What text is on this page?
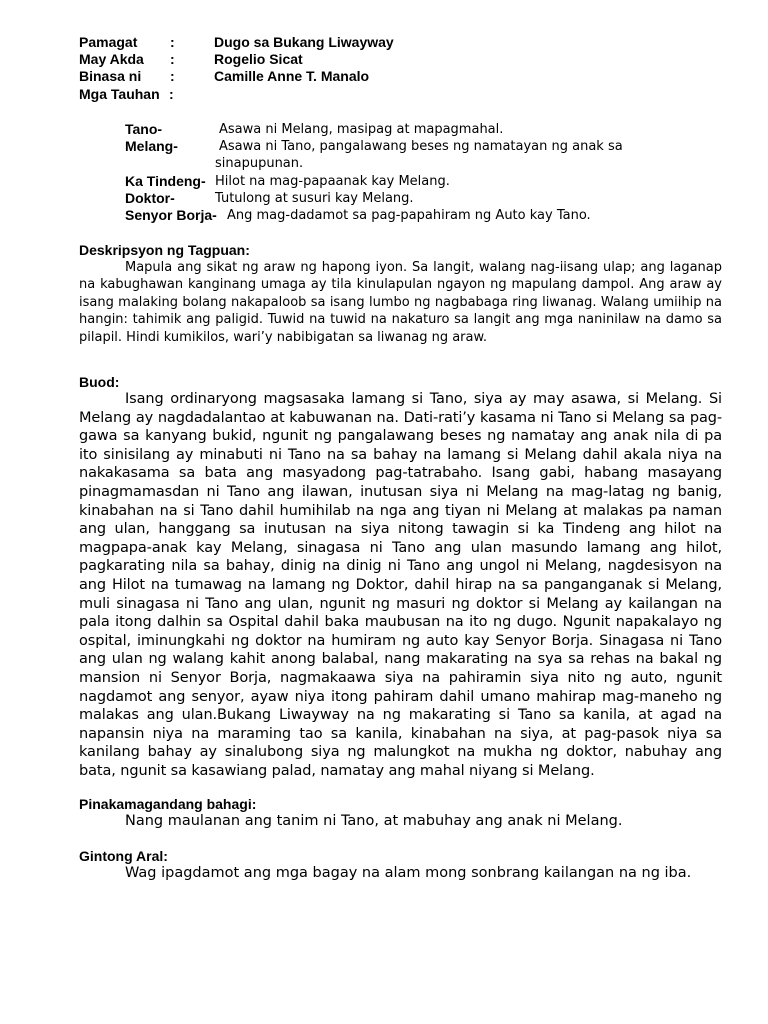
Pamagat :	Dugo sa Bukang Liwayway
May Akda :	Rogelio Sicat
Binasa ni :	Camille Anne T. Manalo
Mga Tauhan :
Tano-	Asawa ni Melang, masipag at mapagmahal.
Melang-	Asawa ni Tano, pangalawang beses ng namatayan ng anak sa
sinapupunan.
Ka Tindeng- Hilot na mag-papaanak kay Melang.
Doktor-	Tutulong at susuri kay Melang.
Senyor Borja- Ang mag-dadamot sa pag-papahiram ng Auto kay Tano.
Deskripsyon ng Tagpuan:

Mapula ang sikat ng araw ng hapong iyon. Sa langit, walang nag-iisang ulap; ang laganap na kabughawan kanginang umaga ay tila kinulapulan ngayon ng mapulang dampol. Ang araw ay isang malaking bolang nakapaloob sa isang lumbo ng nagbabaga ring liwanag. Walang umiihip na hangin: tahimik ang paligid. Tuwid na tuwid na nakaturo sa langit ang mga naninilaw na damo sa pilapil. Hindi kumikilos, wari’y nabibigatan sa liwanag ng araw.

Buod:

Isang ordinaryong magsasaka lamang si Tano, siya ay may asawa, si Melang. Si Melang ay nagdadalantao at kabuwanan na. Dati-rati’y kasama ni Tano si Melang sa pag-gawa sa kanyang bukid, ngunit ng pangalawang beses ng namatay ang anak nila di pa ito sinisilang ay minabuti ni Tano na sa bahay na lamang si Melang dahil akala niya na nakakasama sa bata ang masyadong pag-tatrabaho. Isang gabi, habang masayang pinagmamasdan ni Tano ang ilawan, inutusan siya ni Melang na mag-latag ng banig, kinabahan na si Tano dahil humihilab na nga ang tiyan ni Melang at malakas pa naman ang ulan, hanggang sa inutusan na siya nitong tawagin si ka Tindeng ang hilot na magpapa-anak kay Melang, sinagasa ni Tano ang ulan masundo lamang ang hilot, pagkarating nila sa bahay, dinig na dinig ni Tano ang ungol ni Melang, nagdesisyon na ang Hilot na tumawag na lamang ng Doktor, dahil hirap na sa panganganak si Melang, muli sinagasa ni Tano ang ulan, ngunit ng masuri ng doktor si Melang ay kailangan na pala itong dalhin sa Ospital dahil baka maubusan na ito ng dugo. Ngunit napakalayo ng ospital, iminungkahi ng doktor na humiram ng auto kay Senyor Borja. Sinagasa ni Tano ang ulan ng walang kahit anong balabal, nang makarating na sya sa rehas na bakal ng mansion ni Senyor Borja, nagmakaawa siya na pahiramin siya nito ng auto, ngunit nagdamot ang senyor, ayaw niya itong pahiram dahil umano mahirap mag-maneho ng malakas ang ulan.Bukang Liwayway na ng makarating si Tano sa kanila, at agad na napansin niya na maraming tao sa kanila, kinabahan na siya, at pag-pasok niya sa kanilang bahay ay sinalubong siya ng malungkot na mukha ng doktor, nabuhay ang bata, ngunit sa kasawiang palad, namatay ang mahal niyang si Melang.

Pinakamagandang bahagi:
Nang maulanan ang tanim ni Tano, at mabuhay ang anak ni Melang.
Gintong Aral:
Wag ipagdamot ang mga bagay na alam mong sonbrang kailangan na ng iba.
